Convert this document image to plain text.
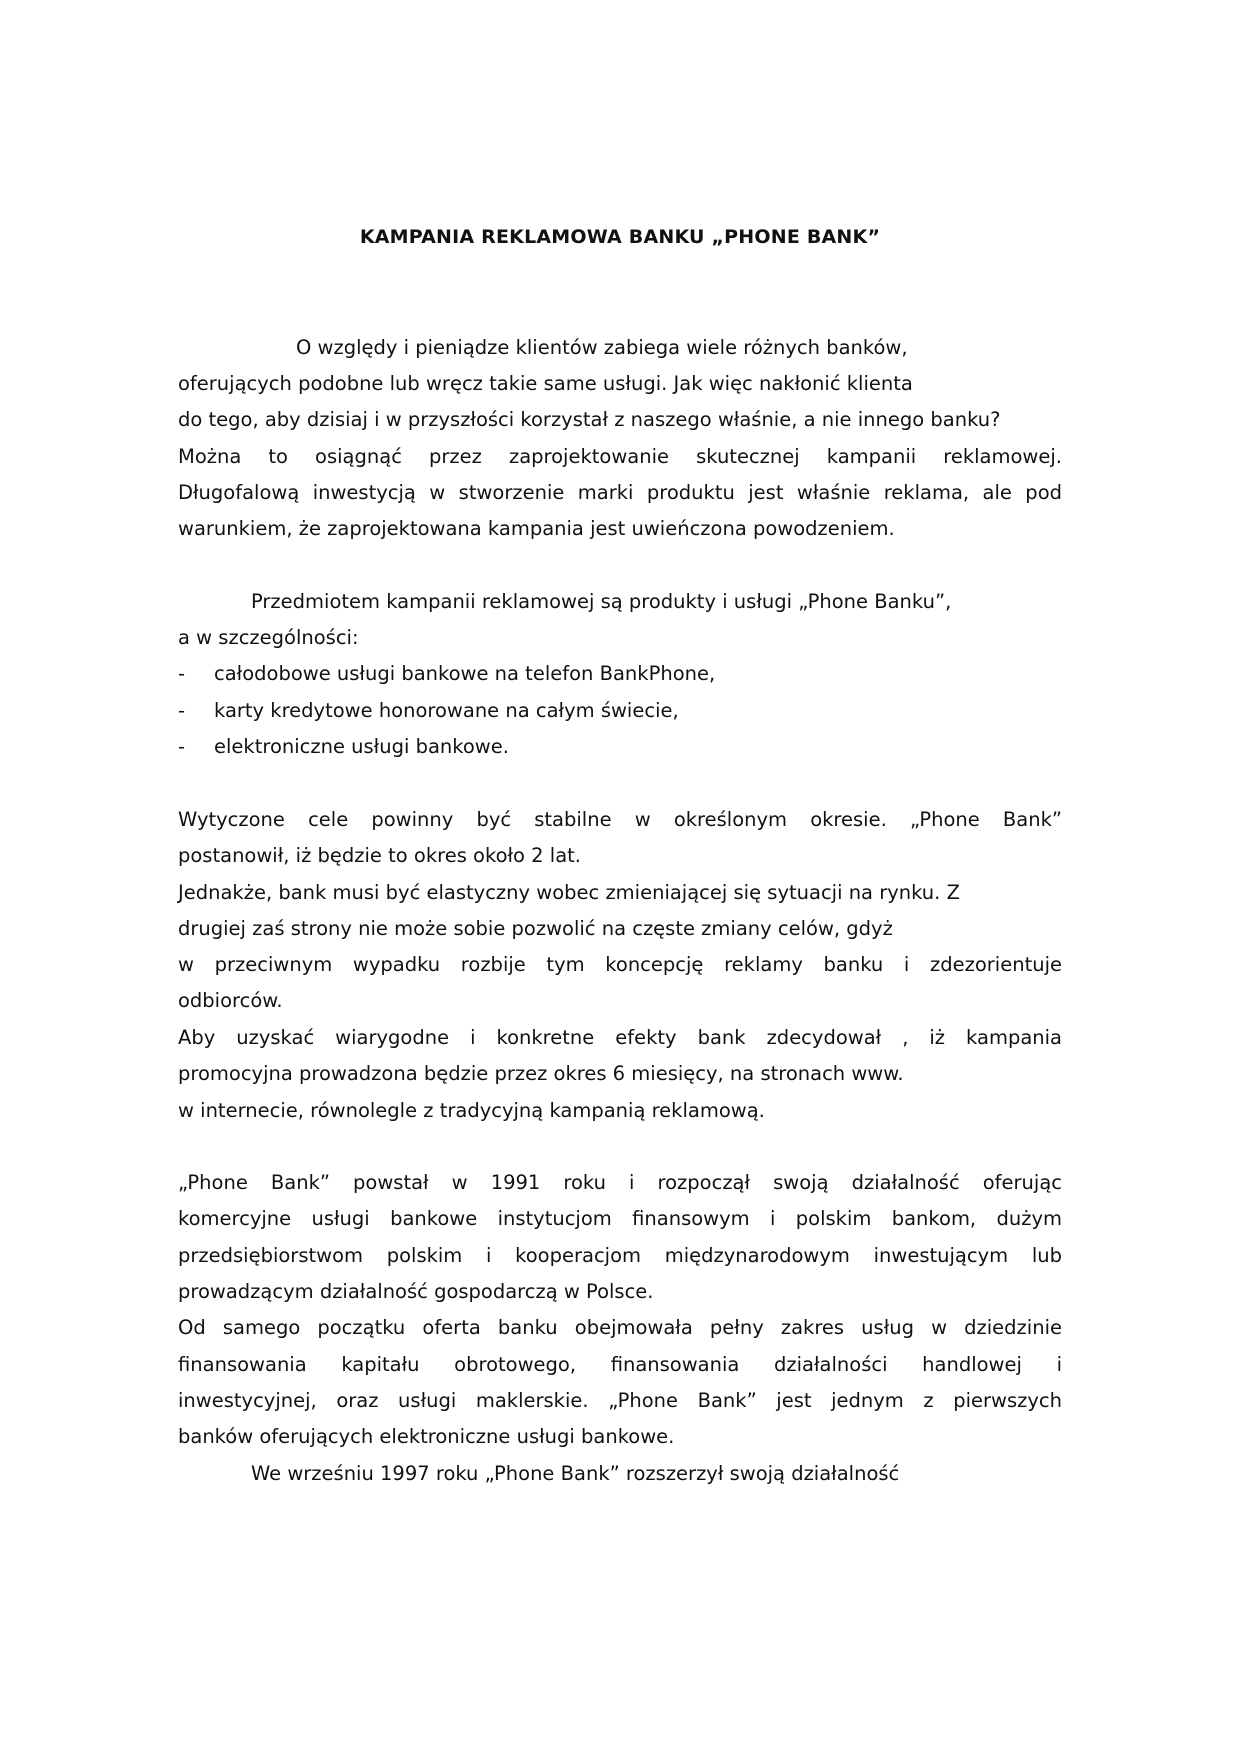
KAMPANIA REKLAMOWA BANKU „PHONE BANK”
O względy i pieniądze klientów zabiega wiele różnych banków,
oferujących podobne lub wręcz takie same usługi. Jak więc nakłonić klienta
do tego, aby dzisiaj i w przyszłości korzystał z naszego właśnie, a nie innego banku?
Można to osiągnąć przez zaprojektowanie skutecznej kampanii reklamowej.
Długofalową inwestycją w stworzenie marki produktu jest właśnie reklama, ale pod
warunkiem, że zaprojektowana kampania jest uwieńczona powodzeniem.
Przedmiotem kampanii reklamowej są produkty i usługi „Phone Banku”,
a w szczególności:
- całodobowe usługi bankowe na telefon BankPhone,
- karty kredytowe honorowane na całym świecie,
- elektroniczne usługi bankowe.
Wytyczone cele powinny być stabilne w określonym okresie. „Phone Bank”
postanowił, iż będzie to okres około 2 lat.
Jednakże, bank musi być elastyczny wobec zmieniającej się sytuacji na rynku. Z
drugiej zaś strony nie może sobie pozwolić na częste zmiany celów, gdyż
w przeciwnym wypadku rozbije tym koncepcję reklamy banku i zdezorientuje
odbiorców.
Aby uzyskać wiarygodne i konkretne efekty bank zdecydował , iż kampania
promocyjna prowadzona będzie przez okres 6 miesięcy, na stronach www.
w internecie, równolegle z tradycyjną kampanią reklamową.
„Phone Bank” powstał w 1991 roku i rozpoczął swoją działalność oferując
komercyjne usługi bankowe instytucjom finansowym i polskim bankom, dużym
przedsiębiorstwom polskim i kooperacjom międzynarodowym inwestującym lub
prowadzącym działalność gospodarczą w Polsce.
Od samego początku oferta banku obejmowała pełny zakres usług w dziedzinie
finansowania kapitału obrotowego, finansowania działalności handlowej i
inwestycyjnej, oraz usługi maklerskie. „Phone Bank” jest jednym z pierwszych
banków oferujących elektroniczne usługi bankowe.
We wrześniu 1997 roku „Phone Bank” rozszerzył swoją działalność
